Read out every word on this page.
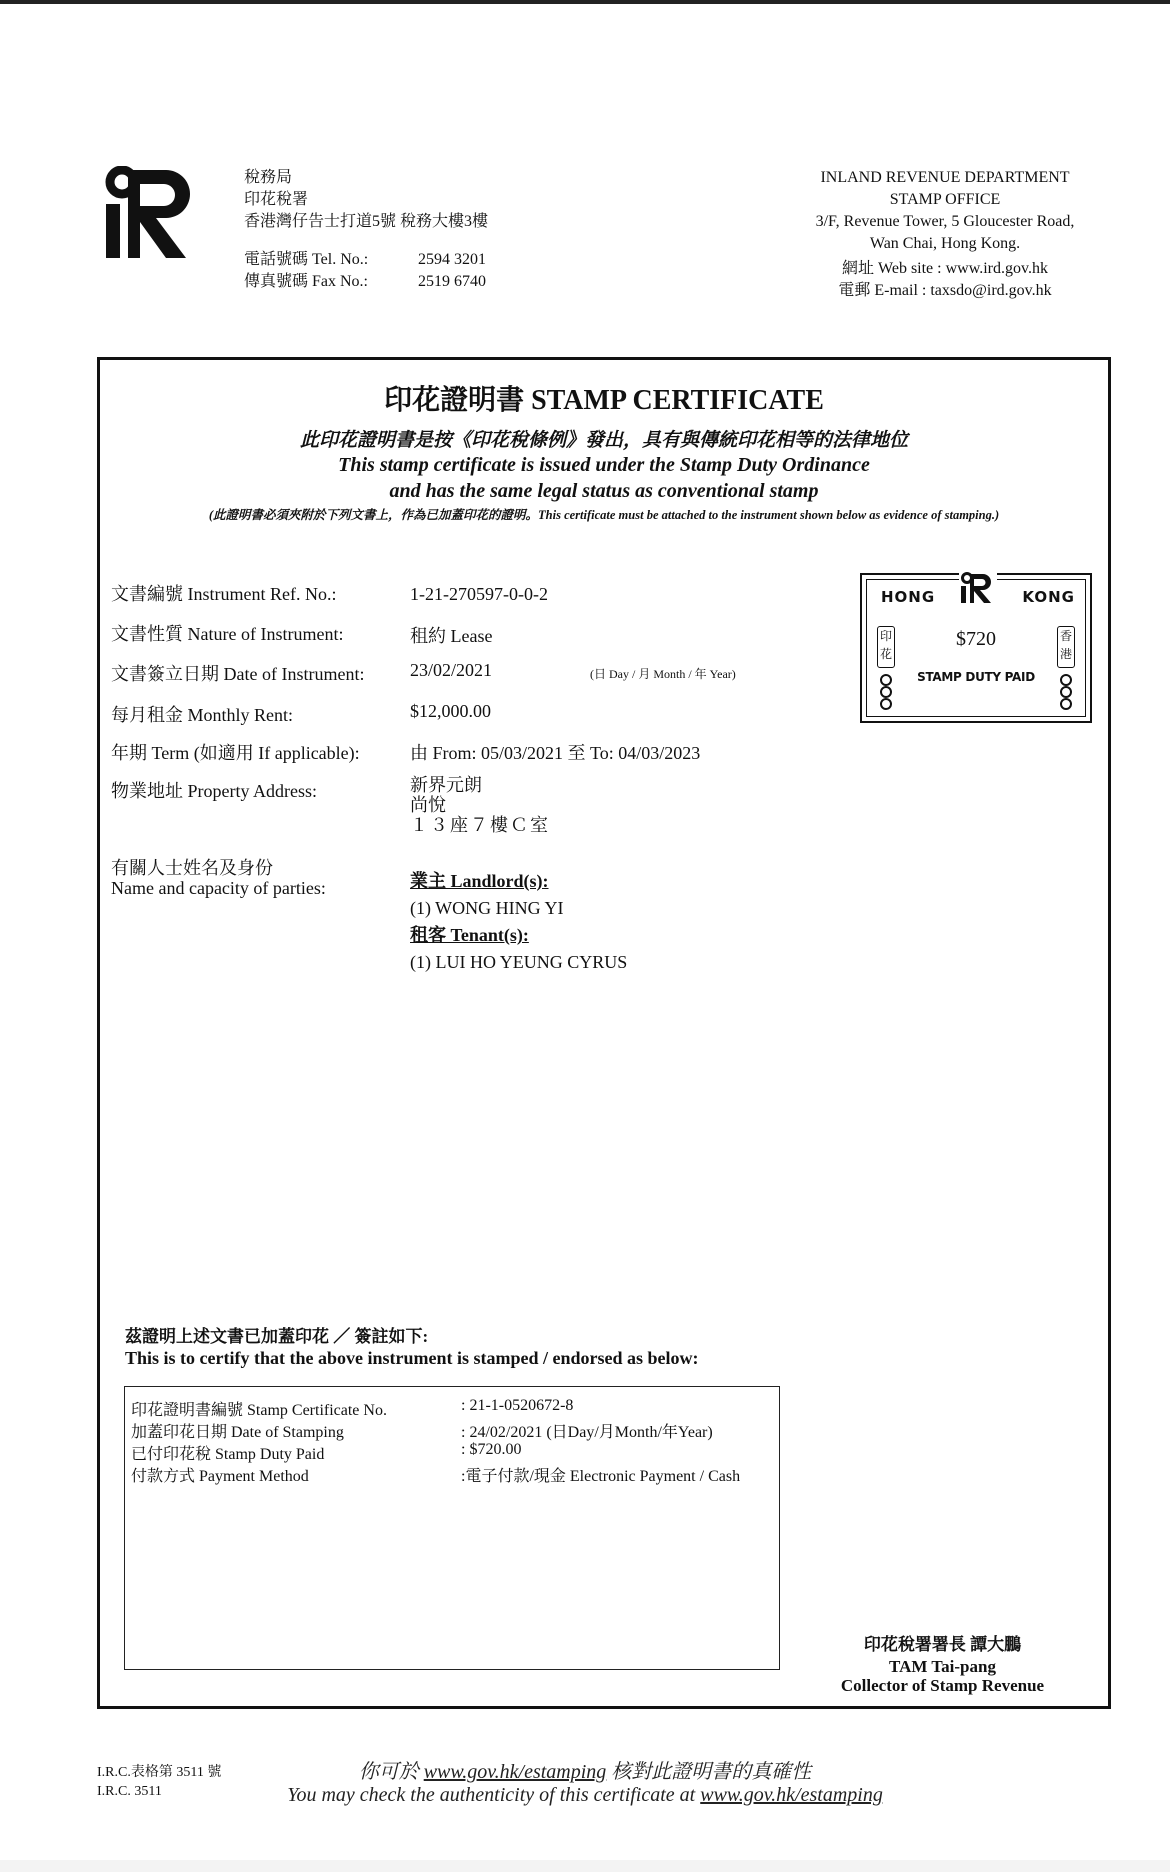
稅務局
印花稅署
香港灣仔告士打道5號 稅務大樓3樓
電話號碼 Tel. No.:	2594 3201
傳真號碼 Fax No.:	2519 6740
INLAND REVENUE DEPARTMENT
STAMP OFFICE
3/F, Revenue Tower, 5 Gloucester Road,
Wan Chai, Hong Kong.
網址 Web site : www.ird.gov.hk
電郵 E-mail : taxsdo@ird.gov.hk
印花證明書 STAMP CERTIFICATE
此印花證明書是按《印花稅條例》發出，具有與傳統印花相等的法律地位
This stamp certificate is issued under the Stamp Duty Ordinance
and has the same legal status as conventional stamp
(此證明書必須夾附於下列文書上，作為已加蓋印花的證明。This certificate must be attached to the instrument shown below as evidence of stamping.)
文書編號 Instrument Ref. No.:	1-21-270597-0-0-2
文書性質 Nature of Instrument:	租約 Lease
文書簽立日期 Date of Instrument:	23/02/2021	(日 Day / 月 Month / 年 Year)
每月租金 Monthly Rent:	$12,000.00
年期 Term (如適用 If applicable):	由 From: 05/03/2021 至 To: 04/03/2023
物業地址 Property Address:	新界元朗
尚悅
１３座７樓Ｃ室
有關人士姓名及身份
Name and capacity of parties:	業主 Landlord(s):
(1) WONG HING YI
租客 Tenant(s):
(1) LUI HO YEUNG CYRUS
HONG	KONG
印花
香港
$720
STAMP DUTY PAID
茲證明上述文書已加蓋印花 ／ 簽註如下:
This is to certify that the above instrument is stamped / endorsed as below:
印花證明書編號 Stamp Certificate No.	: 21-1-0520672-8
加蓋印花日期 Date of Stamping	: 24/02/2021 (日Day/月Month/年Year)
已付印花稅 Stamp Duty Paid	: $720.00
付款方式 Payment Method	:電子付款/現金 Electronic Payment / Cash
印花稅署署長 譚大鵬
TAM Tai-pang
Collector of Stamp Revenue
I.R.C.表格第 3511 號
I.R.C. 3511
你可於 www.gov.hk/estamping 核對此證明書的真確性
You may check the authenticity of this certificate at www.gov.hk/estamping
